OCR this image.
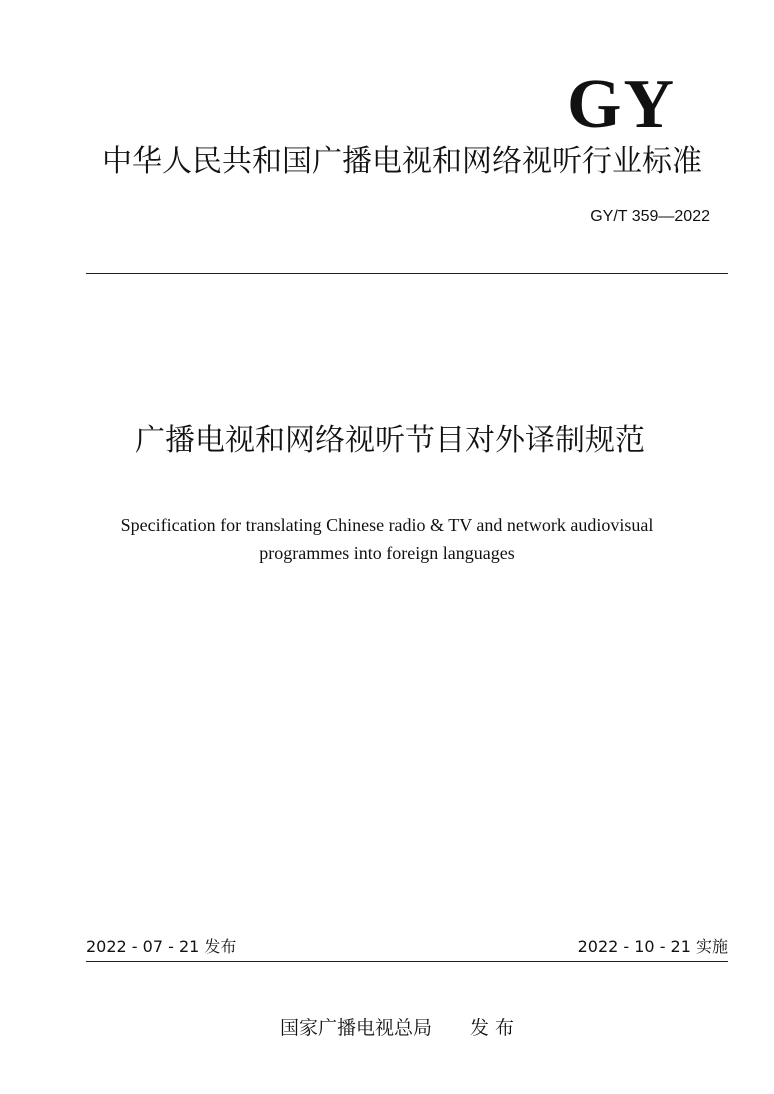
GY
中华人民共和国广播电视和网络视听行业标准
GY/T 359—2022
广播电视和网络视听节目对外译制规范
Specification for translating Chinese radio & TV and network audiovisual
programmes into foreign languages
2022 - 07 - 21 发布	2022 - 10 - 21 实施
国家广播电视总局 发 布
